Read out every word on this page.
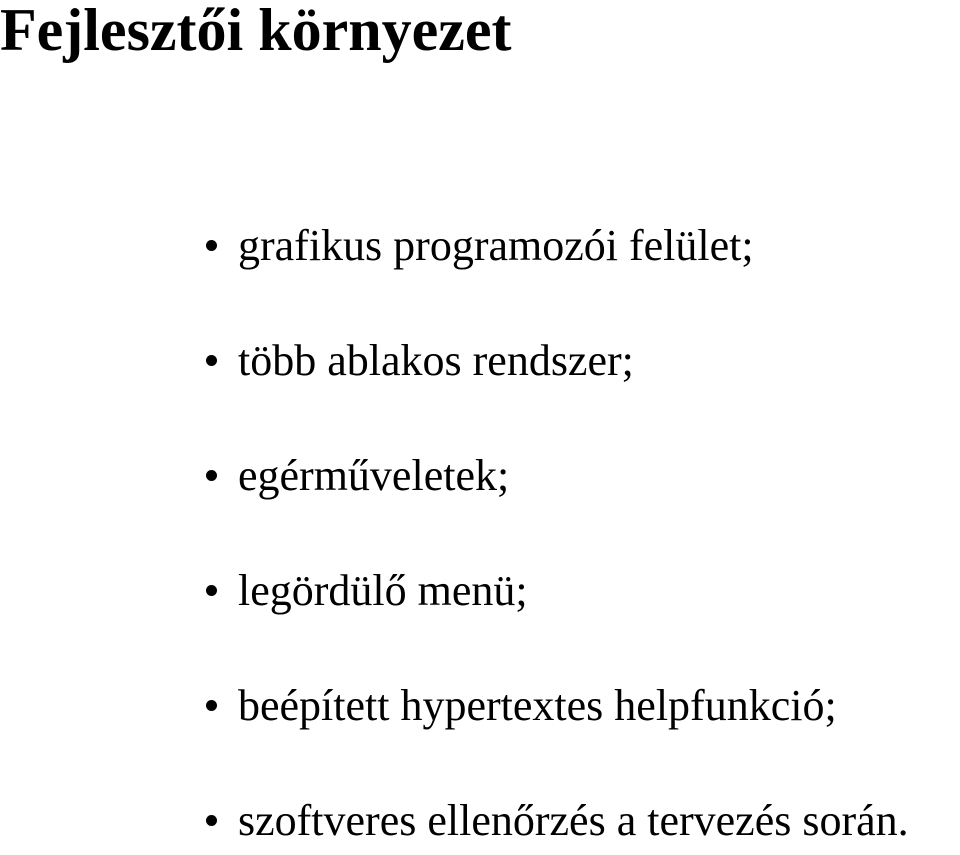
Fejlesztői környezet
grafikus programozói felület;
több ablakos rendszer;
egérműveletek;
legördülő menü;
beépített hypertextes helpfunkció;
szoftveres ellenőrzés a tervezés során.
